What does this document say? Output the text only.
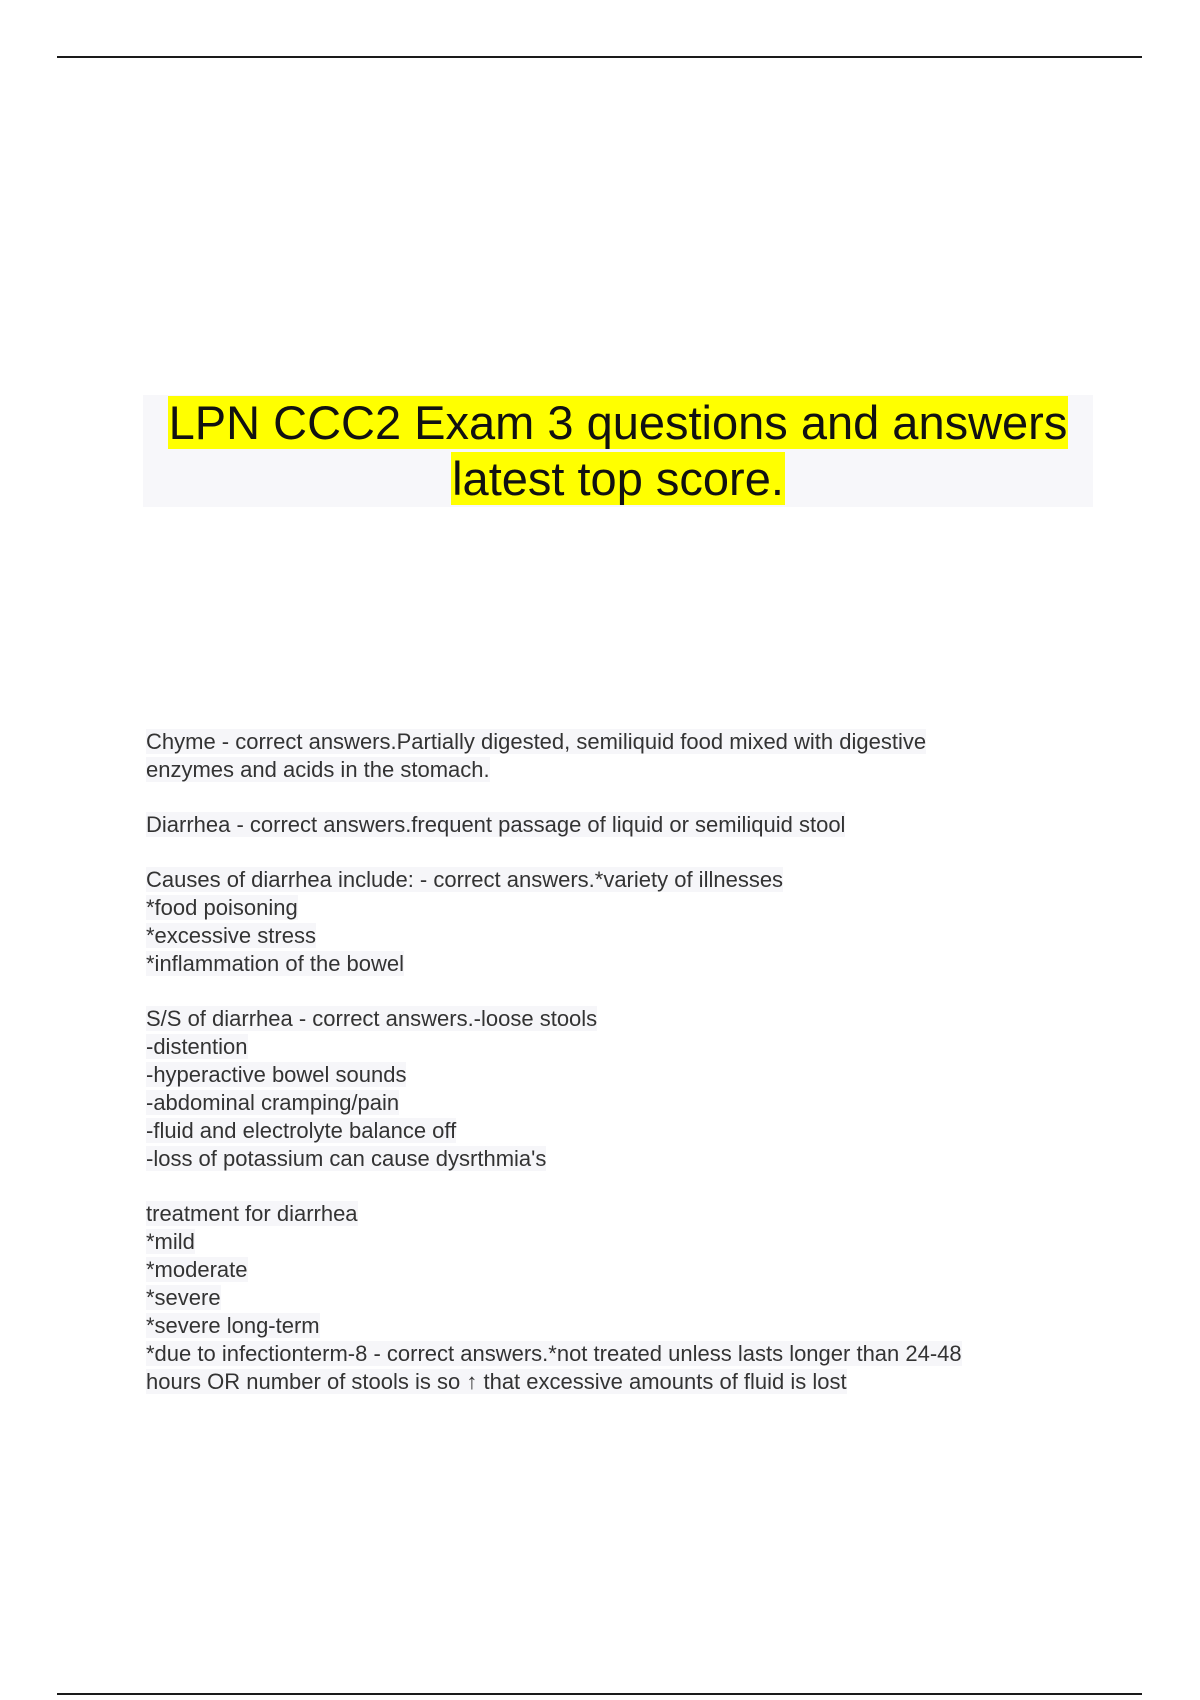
LPN CCC2 Exam 3 questions and answers
latest top score.
Chyme - correct answers.Partially digested, semiliquid food mixed with digestive
enzymes and acids in the stomach.
Diarrhea - correct answers.frequent passage of liquid or semiliquid stool
Causes of diarrhea include: - correct answers.*variety of illnesses
*food poisoning
*excessive stress
*inflammation of the bowel
S/S of diarrhea - correct answers.-loose stools
-distention
-hyperactive bowel sounds
-abdominal cramping/pain
-fluid and electrolyte balance off
-loss of potassium can cause dysrthmia's
treatment for diarrhea
*mild
*moderate
*severe
*severe long-term
*due to infectionterm-8 - correct answers.*not treated unless lasts longer than 24-48
hours OR number of stools is so ↑ that excessive amounts of fluid is lost
